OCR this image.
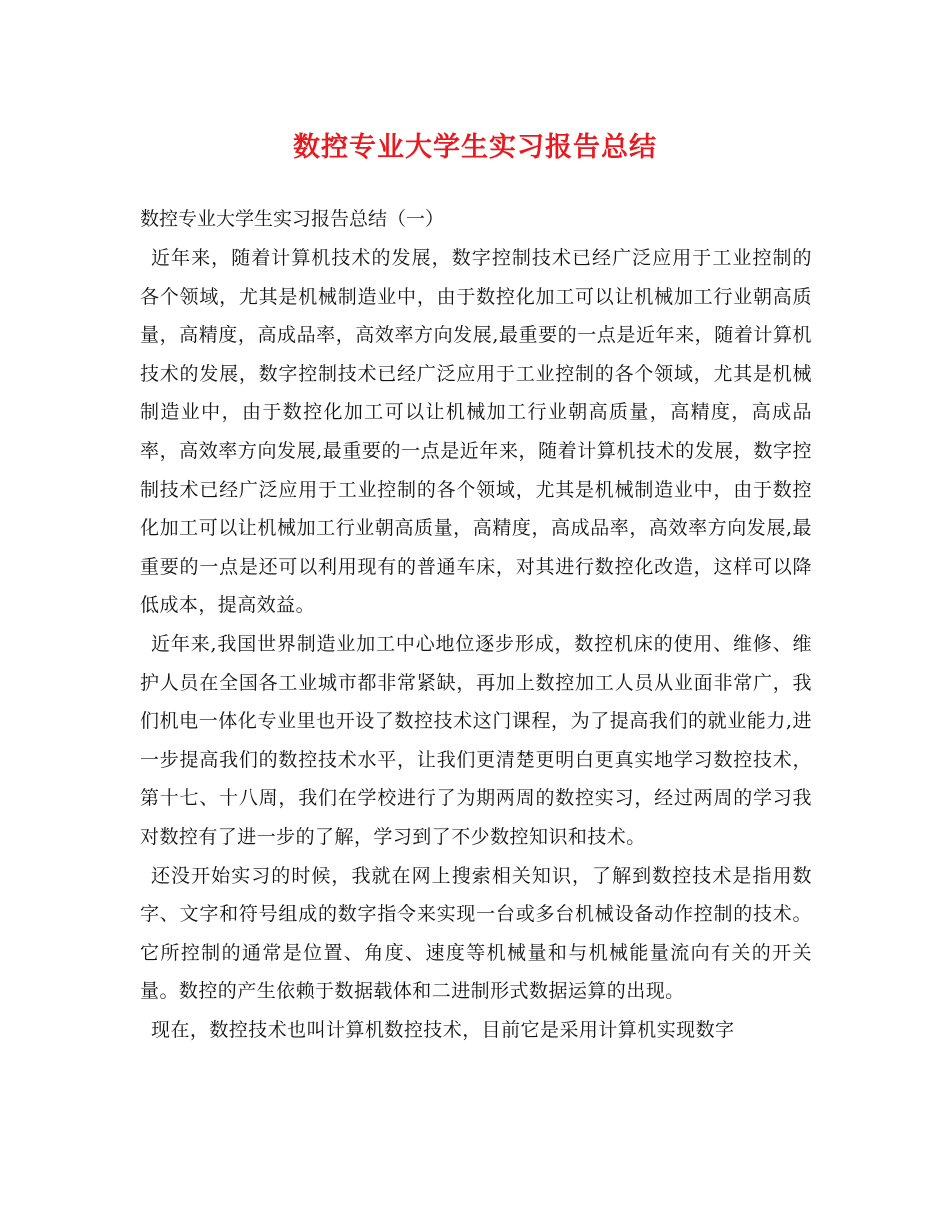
数控专业大学生实习报告总结

数控专业大学生实习报告总结（一）

近年来，随着计算机技术的发展，数字控制技术已经广泛应用于工业控制的各个领域，尤其是机械制造业中，由于数控化加工可以让机械加工行业朝高质量，高精度，高成品率，高效率方向发展,最重要的一点是近年来，随着计算机技术的发展，数字控制技术已经广泛应用于工业控制的各个领域，尤其是机械制造业中，由于数控化加工可以让机械加工行业朝高质量，高精度，高成品率，高效率方向发展,最重要的一点是近年来，随着计算机技术的发展，数字控制技术已经广泛应用于工业控制的各个领域，尤其是机械制造业中，由于数控化加工可以让机械加工行业朝高质量，高精度，高成品率，高效率方向发展,最重要的一点是还可以利用现有的普通车床，对其进行数控化改造，这样可以降低成本，提高效益。

近年来,我国世界制造业加工中心地位逐步形成，数控机床的使用、维修、维护人员在全国各工业城市都非常紧缺，再加上数控加工人员从业面非常广，我们机电一体化专业里也开设了数控技术这门课程，为了提高我们的就业能力,进一步提高我们的数控技术水平，让我们更清楚更明白更真实地学习数控技术，第十七、十八周，我们在学校进行了为期两周的数控实习，经过两周的学习我对数控有了进一步的了解，学习到了不少数控知识和技术。

还没开始实习的时候，我就在网上搜索相关知识，了解到数控技术是指用数字、文字和符号组成的数字指令来实现一台或多台机械设备动作控制的技术。它所控制的通常是位置、角度、速度等机械量和与机械能量流向有关的开关量。数控的产生依赖于数据载体和二进制形式数据运算的出现。

现在，数控技术也叫计算机数控技术，目前它是采用计算机实现数字
